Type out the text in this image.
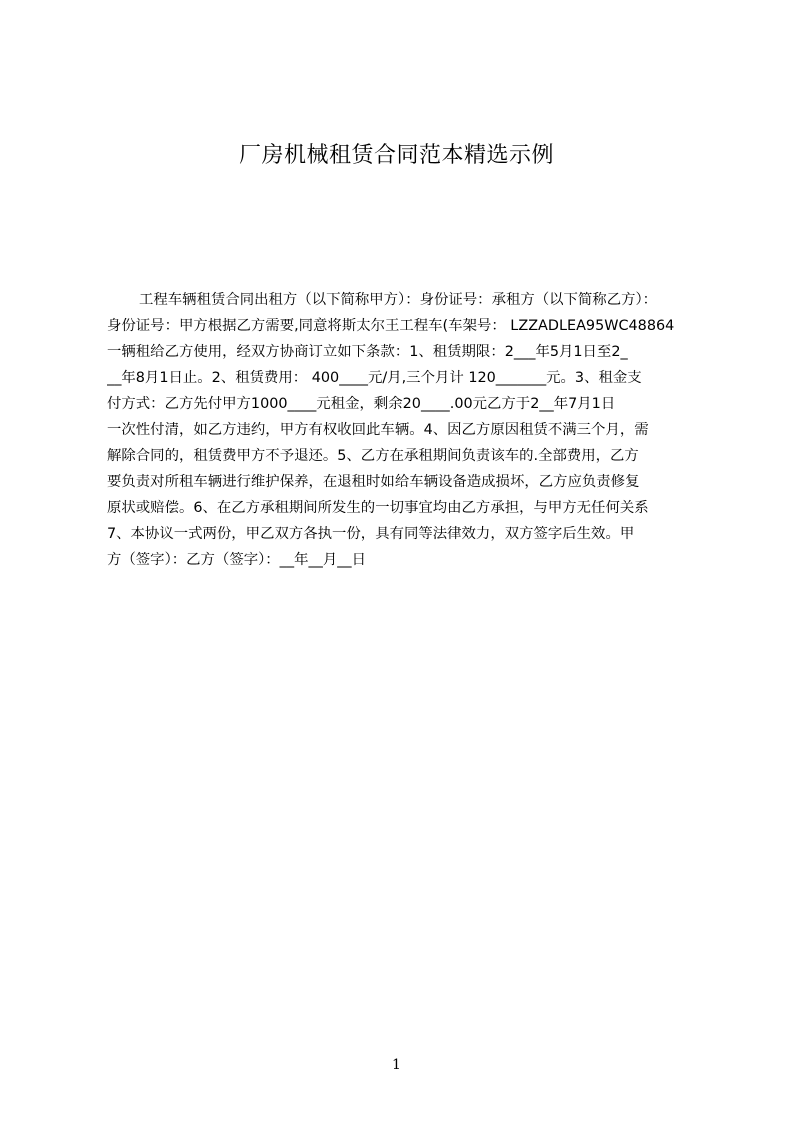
厂房机械租赁合同范本精选示例
工程车辆租赁合同出租方（以下简称甲方）：身份证号：承租方（以下简称乙方）：
身份证号：甲方根据乙方需要,同意将斯太尔王工程车(车架号： LZZADLEA95WC48864
一辆租给乙方使用，经双方协商订立如下条款：1、租赁期限：2___年5月1日至2_
__年8月1日止。2、租赁费用： 400____元/月,三个月计 120_______元。3、租金支
付方式：乙方先付甲方1000____元租金，剩余20____.00元乙方于2__年7月1日
一次性付清，如乙方违约，甲方有权收回此车辆。4、因乙方原因租赁不满三个月，需
解除合同的，租赁费甲方不予退还。5、乙方在承租期间负责该车的.全部费用，乙方
要负责对所租车辆进行维护保养，在退租时如给车辆设备造成损坏，乙方应负责修复
原状或赔偿。6、在乙方承租期间所发生的一切事宜均由乙方承担，与甲方无任何关系
7、本协议一式两份，甲乙双方各执一份，具有同等法律效力，双方签字后生效。甲
方（签字）：乙方（签字）：__年__月__日
1
